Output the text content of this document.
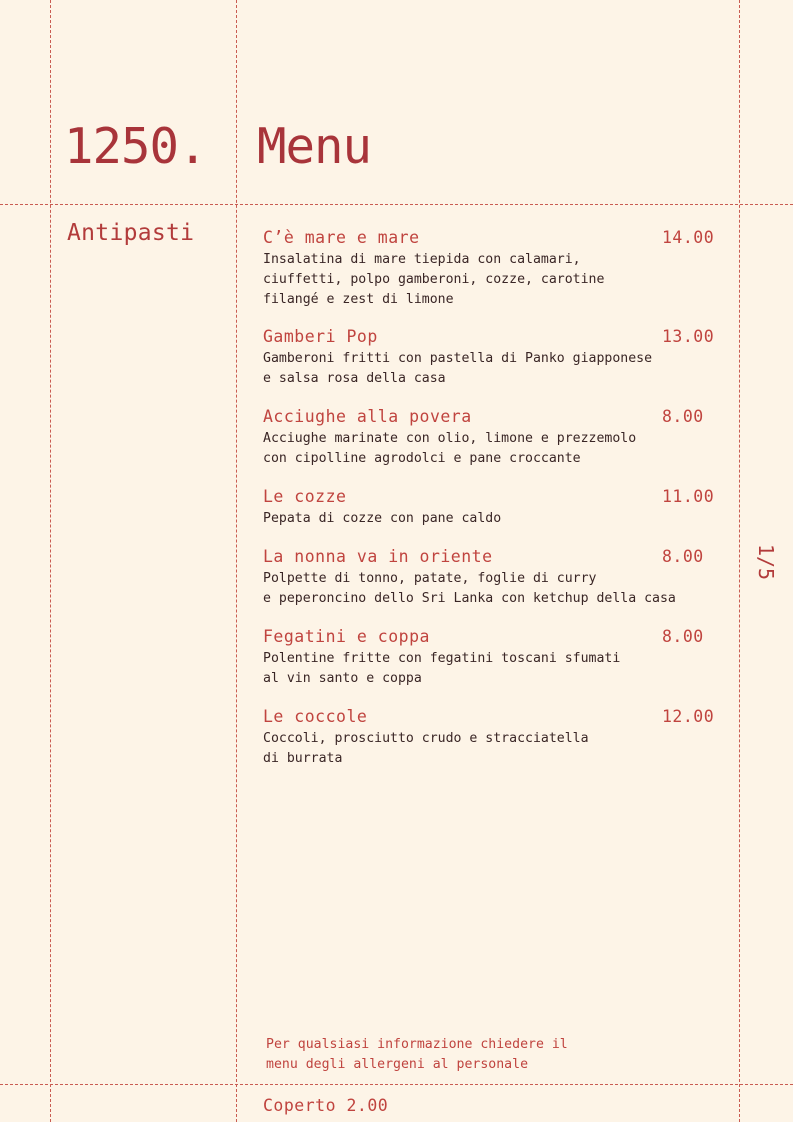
1250. Menu
Antipasti	C’è mare e mare	14.00
Insalatina di mare tiepida con calamari,
ciuffetti, polpo gamberoni, cozze, carotine
filangé e zest di limone
Gamberi Pop	13.00
Gamberoni fritti con pastella di Panko giapponese
e salsa rosa della casa
Acciughe alla povera	8.00
Acciughe marinate con olio, limone e prezzemolo
con cipolline agrodolci e pane croccante
Le cozze	11.00
Pepata di cozze con pane caldo
La nonna va in oriente	8.00
Polpette di tonno, patate, foglie di curry
e peperoncino dello Sri Lanka con ketchup della casa
Fegatini e coppa	8.00
Polentine fritte con fegatini toscani sfumati
al vin santo e coppa
Le coccole	12.00
Coccoli, prosciutto crudo e stracciatella
di burrata
1/5
Per qualsiasi informazione chiedere il
menu degli allergeni al personale
Coperto 2.00
